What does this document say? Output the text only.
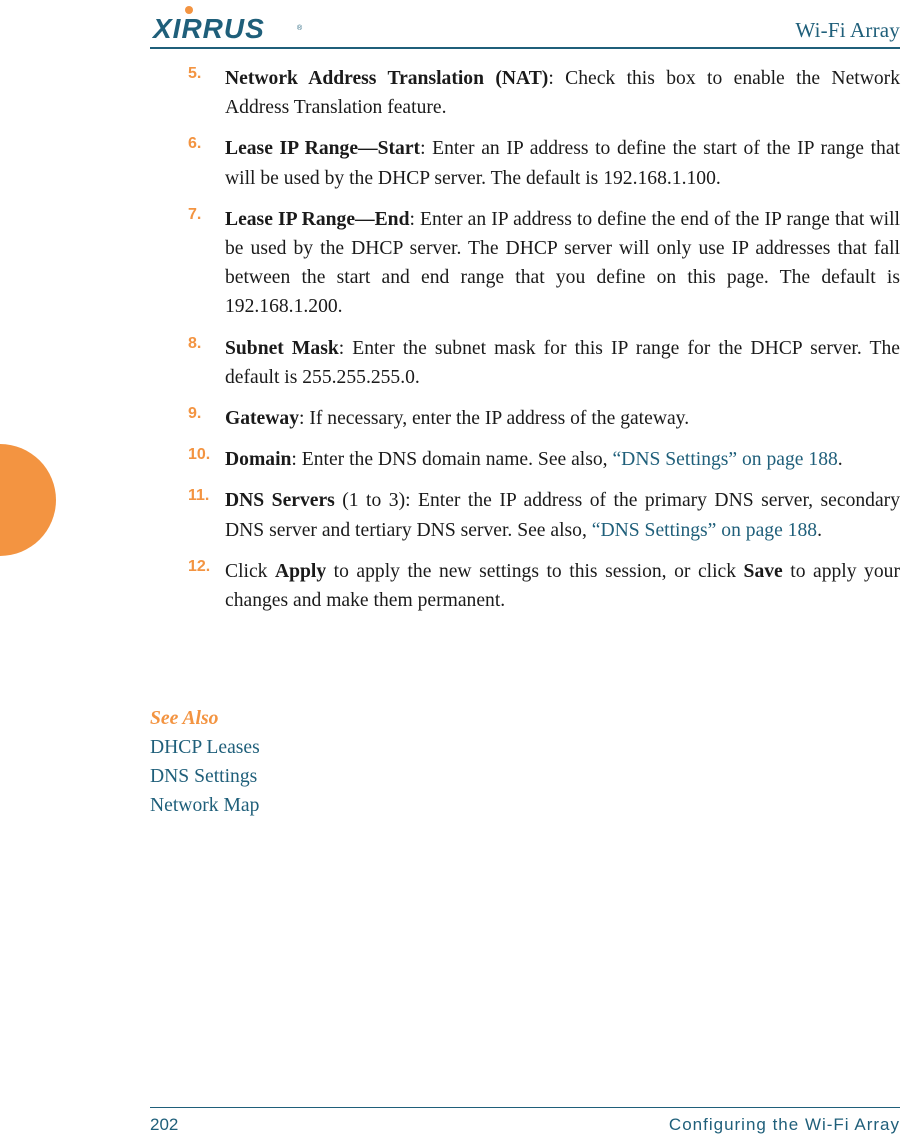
XIRRUS	®	Wi-Fi Array
5. Network Address Translation (NAT): Check this box to enable the Network Address Translation feature.
6. Lease IP Range—Start: Enter an IP address to define the start of the IP range that will be used by the DHCP server. The default is 192.168.1.100.
7. Lease IP Range—End: Enter an IP address to define the end of the IP range that will be used by the DHCP server. The DHCP server will only use IP addresses that fall between the start and end range that you define on this page. The default is 192.168.1.200.
8. Subnet Mask: Enter the subnet mask for this IP range for the DHCP server. The default is 255.255.255.0.
9. Gateway: If necessary, enter the IP address of the gateway.
10. Domain: Enter the DNS domain name. See also, “DNS Settings” on page 188.
11. DNS Servers (1 to 3): Enter the IP address of the primary DNS server, secondary DNS server and tertiary DNS server. See also, “DNS Settings” on page 188.
12. Click Apply to apply the new settings to this session, or click Save to apply your changes and make them permanent.
See Also
DHCP Leases
DNS Settings
Network Map
202	Configuring the Wi-Fi Array
